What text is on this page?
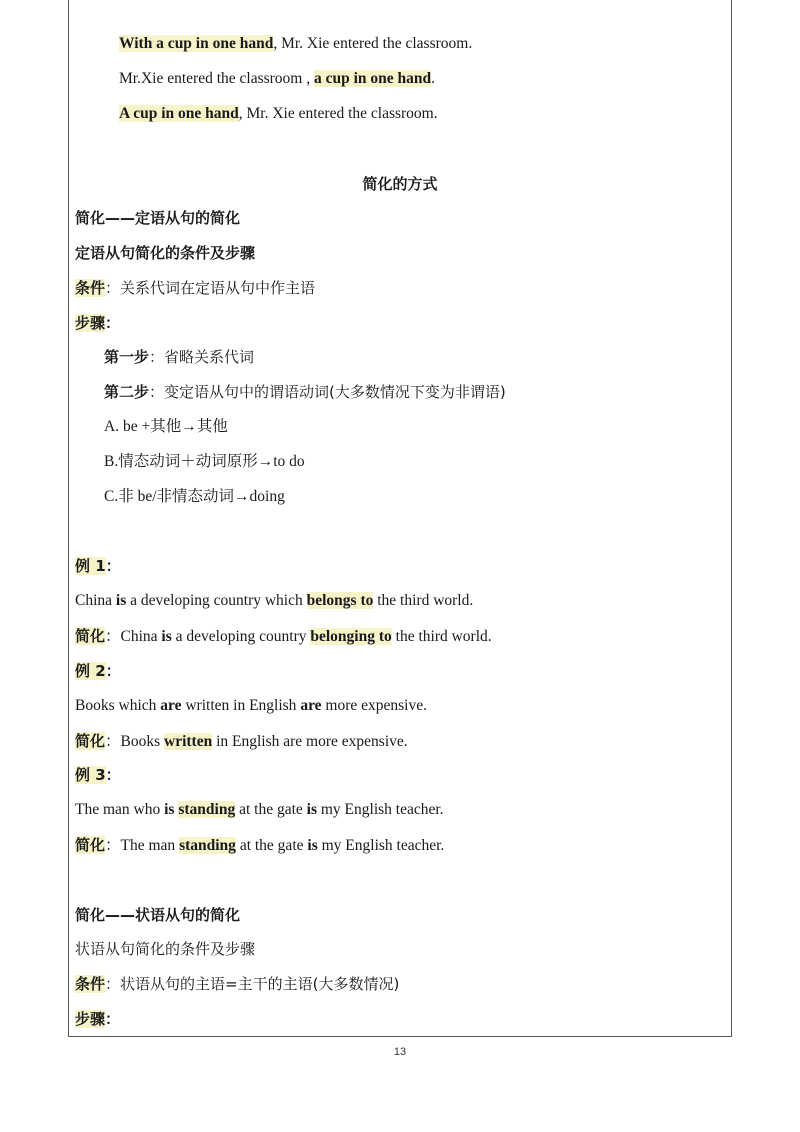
With a cup in one hand, Mr. Xie entered the classroom.
Mr.Xie entered the classroom , a cup in one hand.
A cup in one hand, Mr. Xie entered the classroom.
简化的方式
简化——定语从句的简化
定语从句简化的条件及步骤
条件：关系代词在定语从句中作主语
步骤：
第一步：省略关系代词
第二步：变定语从句中的谓语动词(大多数情况下变为非谓语)
A. be +其他→其他
B.情态动词＋动词原形→to do
C.非 be/非情态动词→doing
例 1：
China is a developing country which belongs to the third world.
简化：China is a developing country belonging to the third world.
例 2：
Books which are written in English are more expensive.
简化：Books written in English are more expensive.
例 3：
The man who is standing at the gate is my English teacher.
简化：The man standing at the gate is my English teacher.
简化——状语从句的简化
状语从句简化的条件及步骤
条件：状语从句的主语=主干的主语(大多数情况)
步骤：
13
